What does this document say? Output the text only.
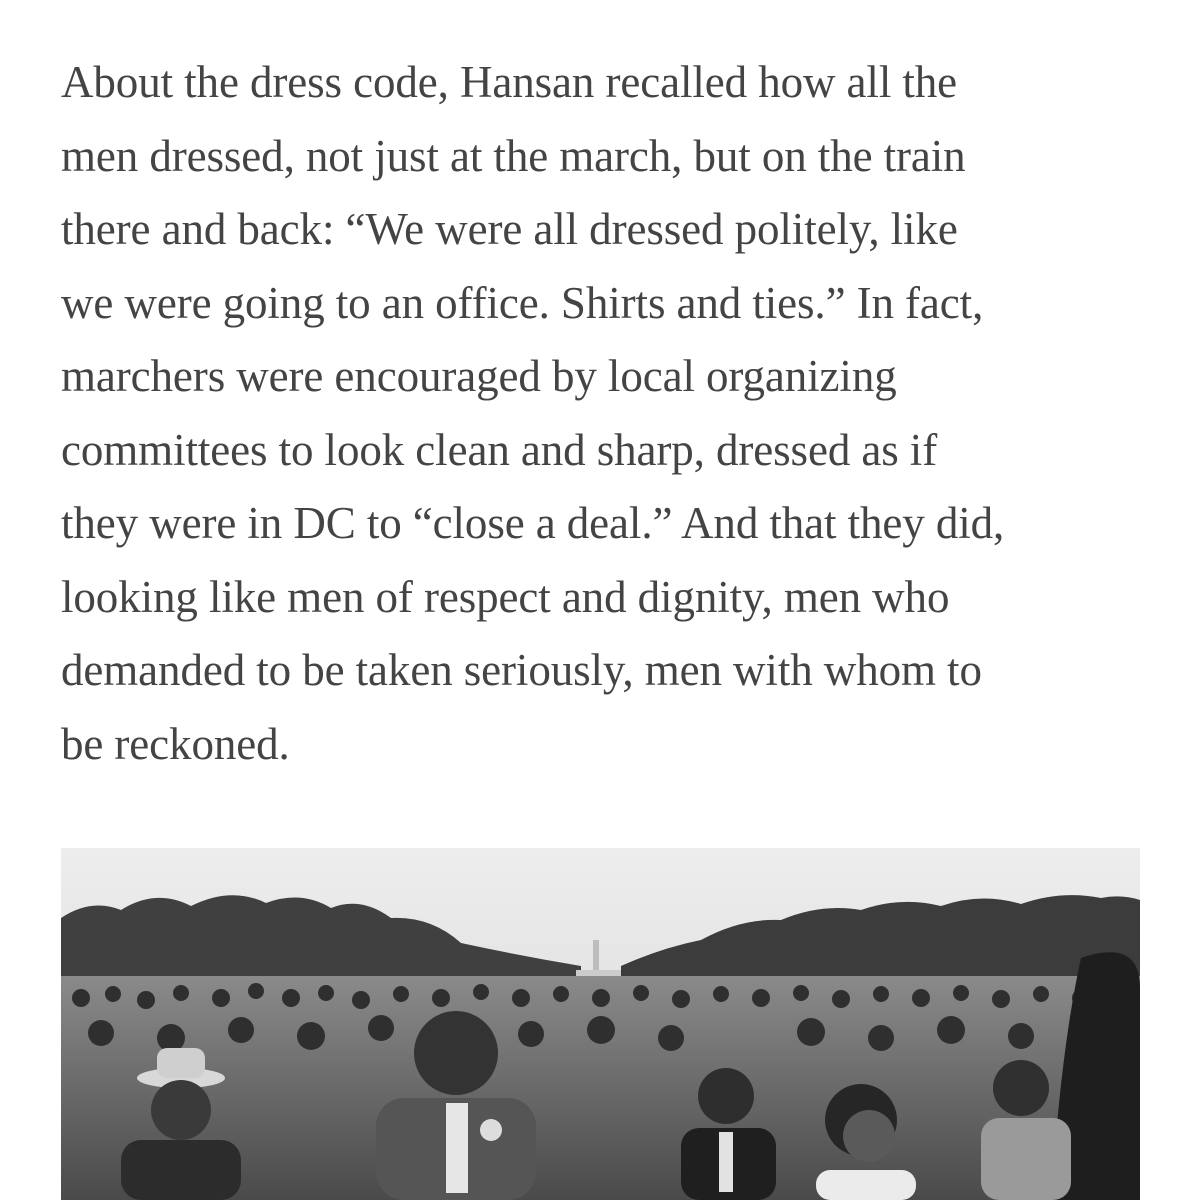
About the dress code, Hansan recalled how all the
men dressed, not just at the march, but on the train
there and back: “We were all dressed politely, like
we were going to an office. Shirts and ties.” In fact,
marchers were encouraged by local organizing
committees to look clean and sharp, dressed as if
they were in DC to “close a deal.” And that they did,
looking like men of respect and dignity, men who
demanded to be taken seriously, men with whom to
be reckoned.
